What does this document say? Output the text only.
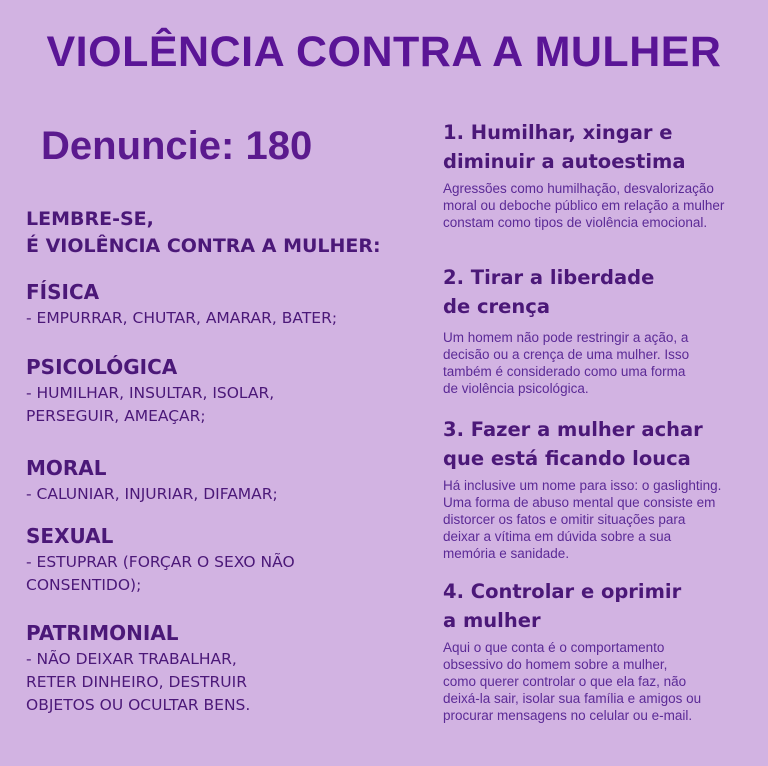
VIOLÊNCIA CONTRA A MULHER
Denuncie: 180
LEMBRE-SE,
É VIOLÊNCIA CONTRA A MULHER:
FÍSICA
- EMPURRAR, CHUTAR, AMARAR, BATER;
PSICOLÓGICA
- HUMILHAR, INSULTAR, ISOLAR,
PERSEGUIR, AMEAÇAR;
MORAL
- CALUNIAR, INJURIAR, DIFAMAR;
SEXUAL
- ESTUPRAR (FORÇAR O SEXO NÃO
CONSENTIDO);
PATRIMONIAL
- NÃO DEIXAR TRABALHAR,
RETER DINHEIRO, DESTRUIR
OBJETOS OU OCULTAR BENS.
1. Humilhar, xingar e
diminuir a autoestima
Agressões como humilhação, desvalorização
moral ou deboche público em relação a mulher
constam como tipos de violência emocional.
2. Tirar a liberdade
de crença
Um homem não pode restringir a ação, a
decisão ou a crença de uma mulher. Isso
também é considerado como uma forma
de violência psicológica.
3. Fazer a mulher achar
que está ficando louca
Há inclusive um nome para isso: o gaslighting.
Uma forma de abuso mental que consiste em
distorcer os fatos e omitir situações para
deixar a vítima em dúvida sobre a sua
memória e sanidade.
4. Controlar e oprimir
a mulher
Aqui o que conta é o comportamento
obsessivo do homem sobre a mulher,
como querer controlar o que ela faz, não
deixá-la sair, isolar sua família e amigos ou
procurar mensagens no celular ou e-mail.
